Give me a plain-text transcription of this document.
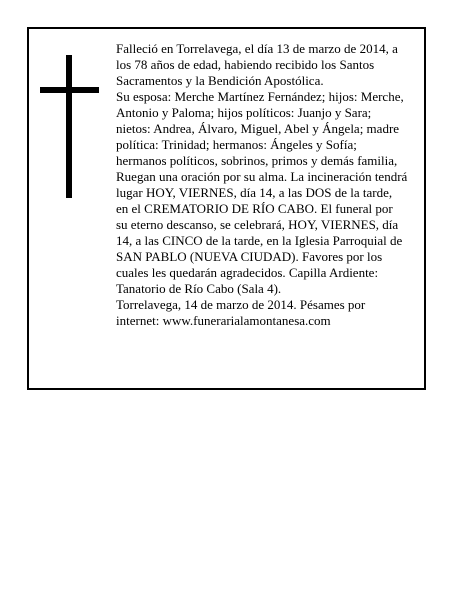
Falleció en Torrelavega, el día 13 de marzo de 2014, a
los 78 años de edad, habiendo recibido los Santos
Sacramentos y la Bendición Apostólica.
Su esposa: Merche Martínez Fernández; hijos: Merche,
Antonio y Paloma; hijos políticos: Juanjo y Sara;
nietos: Andrea, Álvaro, Miguel, Abel y Ángela; madre
política: Trinidad; hermanos: Ángeles y Sofía;
hermanos políticos, sobrinos, primos y demás familia,
Ruegan una oración por su alma. La incineración tendrá
lugar HOY, VIERNES, día 14, a las DOS de la tarde,
en el CREMATORIO DE RÍO CABO. El funeral por
su eterno descanso, se celebrará, HOY, VIERNES, día
14, a las CINCO de la tarde, en la Iglesia Parroquial de
SAN PABLO (NUEVA CIUDAD). Favores por los
cuales les quedarán agradecidos. Capilla Ardiente:
Tanatorio de Río Cabo (Sala 4).
Torrelavega, 14 de marzo de 2014. Pésames por
internet: www.funerarialamontanesa.com
